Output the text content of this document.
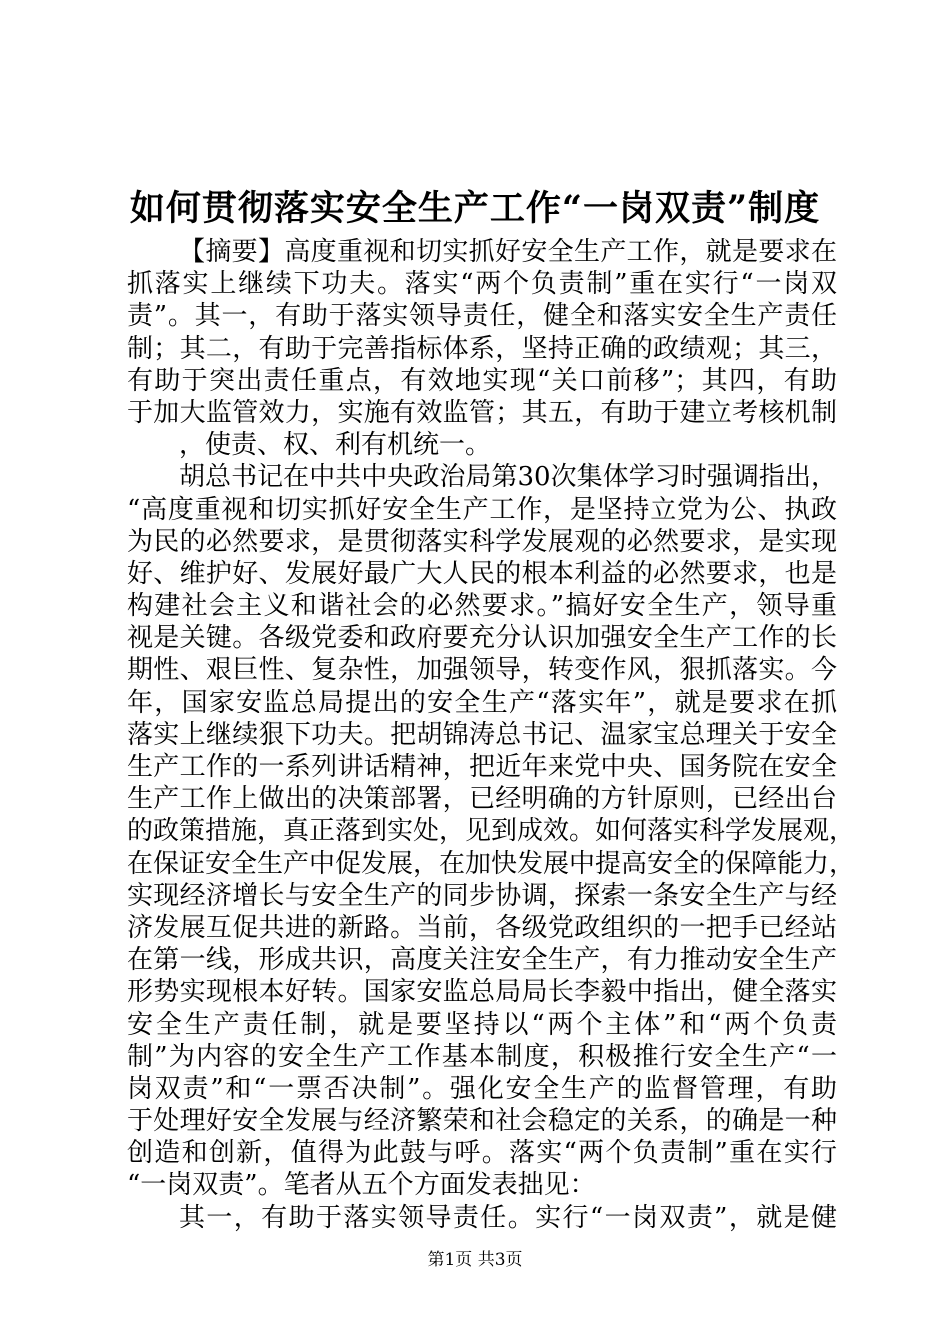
如何贯彻落实安全生产工作“一岗双责”制度
【摘要】高度重视和切实抓好安全生产工作，就是要求在
抓落实上继续下功夫。落实“两个负责制”重在实行“一岗双
责”。其一，有助于落实领导责任，健全和落实安全生产责任
制；其二，有助于完善指标体系，坚持正确的政绩观；其三，
有助于突出责任重点，有效地实现“关口前移”；其四，有助
于加大监管效力，实施有效监管；其五，有助于建立考核机制
，使责、权、利有机统一。
胡总书记在中共中央政治局第30次集体学习时强调指出，
“高度重视和切实抓好安全生产工作，是坚持立党为公、执政
为民的必然要求，是贯彻落实科学发展观的必然要求，是实现
好、维护好、发展好最广大人民的根本利益的必然要求，也是
构建社会主义和谐社会的必然要求。”搞好安全生产，领导重
视是关键。各级党委和政府要充分认识加强安全生产工作的长
期性、艰巨性、复杂性，加强领导，转变作风，狠抓落实。今
年，国家安监总局提出的安全生产“落实年”，就是要求在抓
落实上继续狠下功夫。把胡锦涛总书记、温家宝总理关于安全
生产工作的一系列讲话精神，把近年来党中央、国务院在安全
生产工作上做出的决策部署，已经明确的方针原则，已经出台
的政策措施，真正落到实处，见到成效。如何落实科学发展观，
在保证安全生产中促发展，在加快发展中提高安全的保障能力，
实现经济增长与安全生产的同步协调，探索一条安全生产与经
济发展互促共进的新路。当前，各级党政组织的一把手已经站
在第一线，形成共识，高度关注安全生产，有力推动安全生产
形势实现根本好转。国家安监总局局长李毅中指出，健全落实
安全生产责任制，就是要坚持以“两个主体”和“两个负责
制”为内容的安全生产工作基本制度，积极推行安全生产“一
岗双责”和“一票否决制”。强化安全生产的监督管理，有助
于处理好安全发展与经济繁荣和社会稳定的关系，的确是一种
创造和创新，值得为此鼓与呼。落实“两个负责制”重在实行
“一岗双责”。笔者从五个方面发表拙见：
其一，有助于落实领导责任。实行“一岗双责”，就是健
第1页 共3页
